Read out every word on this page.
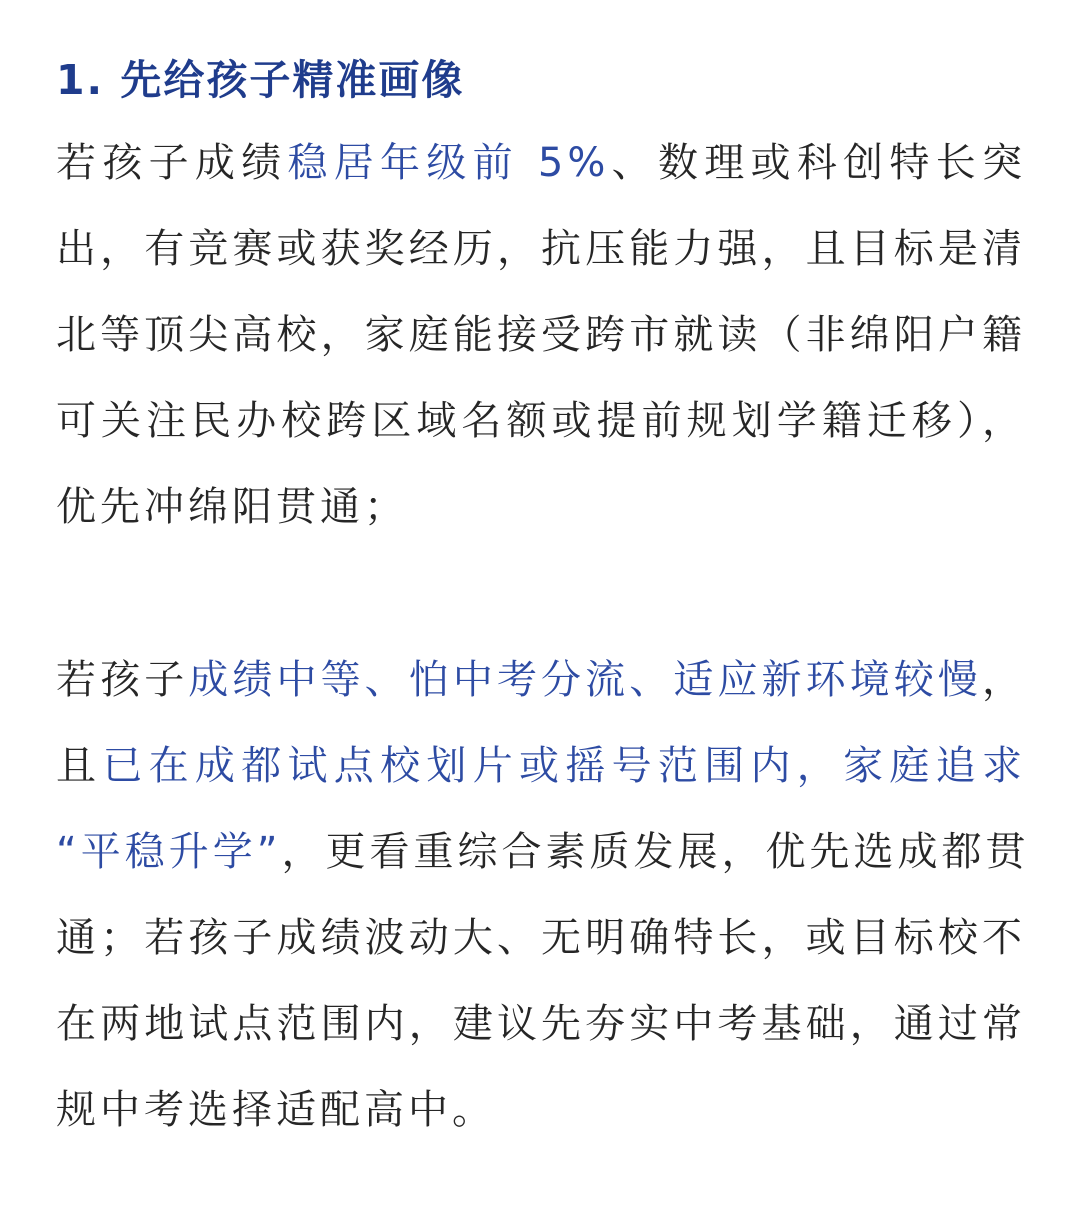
1. 先给孩子精准画像

若孩子成绩稳居年级前 5%、数理或科创特长突
出，有竞赛或获奖经历，抗压能力强，且目标是清
北等顶尖高校，家庭能接受跨市就读（非绵阳户籍
可关注民办校跨区域名额或提前规划学籍迁移），
优先冲绵阳贯通；

若孩子成绩中等、怕中考分流、适应新环境较慢，
且已在成都试点校划片或摇号范围内，家庭追求
“平稳升学”，更看重综合素质发展，优先选成都贯
通；若孩子成绩波动大、无明确特长，或目标校不
在两地试点范围内，建议先夯实中考基础，通过常
规中考选择适配高中。
